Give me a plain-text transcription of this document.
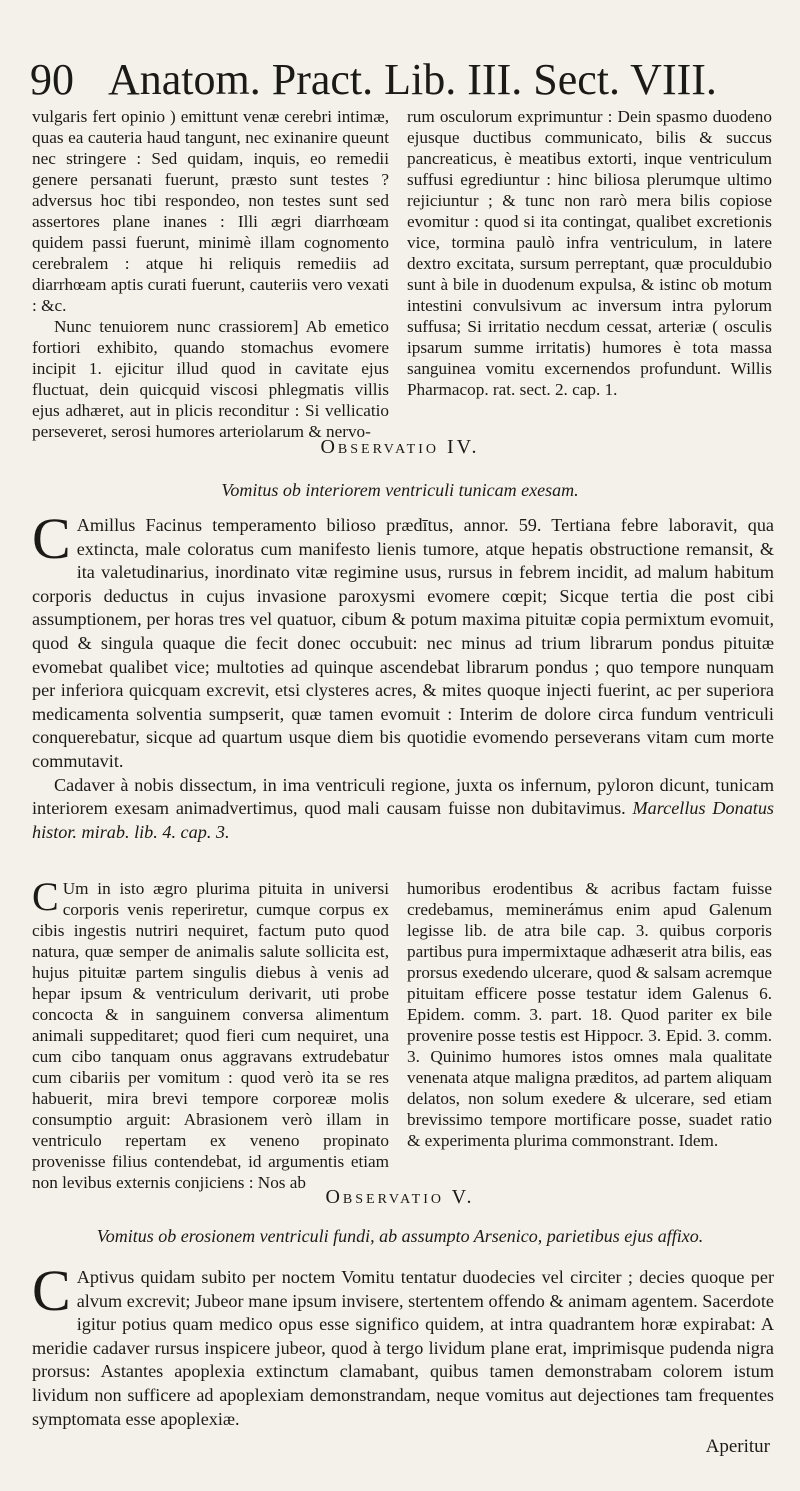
90 Anatom. Pract. Lib. III. Sect. VIII.

vulgaris fert opinio ) emittunt venæ cerebri intimæ, quas ea cauteria haud tangunt, nec exinanire queunt nec stringere : Sed quidam, inquis, eo remedii genere persanati fuerunt, præsto sunt testes ? adversus hoc tibi respondeo, non testes sunt sed assertores plane inanes : Illi ægri diarrhœam quidem passi fuerunt, minimè illam cognomento cerebralem : atque hi reliquis remediis ad diarrhœam aptis curati fuerunt, cauteriis vero vexati : &c.

Nunc tenuiorem nunc crassiorem] Ab emetico fortiori exhibito, quando stomachus evomere incipit 1. ejicitur illud quod in cavitate ejus fluctuat, dein quicquid viscosi phlegmatis villis ejus adhæret, aut in plicis reconditur : Si vellicatio perseveret, serosi humores arteriolarum & nervo-

rum osculorum exprimuntur : Dein spasmo duodeno ejusque ductibus communicato, bilis & succus pancreaticus, è meatibus extorti, inque ventriculum suffusi egrediuntur : hinc biliosa plerumque ultimo rejiciuntur ; & tunc non rarò mera bilis copiose evomitur : quod si ita contingat, qualibet excretionis vice, tormina paulò infra ventriculum, in latere dextro excitata, sursum perreptant, quæ proculdubio sunt à bile in duodenum expulsa, & istinc ob motum intestini convulsivum ac inversum intra pylorum suffusa; Si irritatio necdum cessat, arteriæ ( osculis ipsarum summe irritatis) humores è tota massa sanguinea vomitu excernendos profundunt. Willis Pharmacop. rat. sect. 2. cap. 1.

Observatio IV.
Vomitus ob interiorem ventriculi tunicam exesam.

C Amillus Facinus temperamento bilioso prædītus, annor. 59. Tertiana febre laboravit, qua extincta, male coloratus cum manifesto lienis tumore, atque hepatis obstructione remansit, & ita valetudinarius, inordinato vitæ regimine usus, rursus in febrem incidit, ad malum habitum corporis deductus in cujus invasione paroxysmi evomere cœpit; Sicque tertia die post cibi assumptionem, per horas tres vel quatuor, cibum & potum maxima pituitæ copia permixtum evomuit, quod & singula quaque die fecit donec occubuit: nec minus ad trium librarum pondus pituitæ evomebat qualibet vice; multoties ad quinque ascendebat librarum pondus ; quo tempore nunquam per inferiora quicquam excrevit, etsi clysteres acres, & mites quoque injecti fuerint, ac per superiora medicamenta solventia sumpserit, quæ tamen evomuit : Interim de dolore circa fundum ventriculi conquerebatur, sicque ad quartum usque diem bis quotidie evomendo perseverans vitam cum morte commutavit.

Cadaver à nobis dissectum, in ima ventriculi regione, juxta os infernum, pyloron dicunt, tunicam interiorem exesam animadvertimus, quod mali causam fuisse non dubitavimus. Marcellus Donatus histor. mirab. lib. 4. cap. 3.

C Um in isto ægro plurima pituita in universi corporis venis reperiretur, cumque corpus ex cibis ingestis nutriri nequiret, factum puto quod natura, quæ semper de animalis salute sollicita est, hujus pituitæ partem singulis diebus à venis ad hepar ipsum & ventriculum derivarit, uti probe concocta & in sanguinem conversa alimentum animali suppeditaret; quod fieri cum nequiret, una cum cibo tanquam onus aggravans extrudebatur cum cibariis per vomitum : quod verò ita se res habuerit, mira brevi tempore corporeæ molis consumptio arguit: Abrasionem verò illam in ventriculo repertam ex veneno propinato provenisse filius contendebat, id argumentis etiam non levibus externis conjiciens : Nos ab

humoribus erodentibus & acribus factam fuisse credebamus, meminerámus enim apud Galenum legisse lib. de atra bile cap. 3. quibus corporis partibus pura impermixtaque adhæserit atra bilis, eas prorsus exedendo ulcerare, quod & salsam acremque pituitam efficere posse testatur idem Galenus 6. Epidem. comm. 3. part. 18. Quod pariter ex bile provenire posse testis est Hippocr. 3. Epid. 3. comm. 3. Quinimo humores istos omnes mala qualitate venenata atque maligna præditos, ad partem aliquam delatos, non solum exedere & ulcerare, sed etiam brevissimo tempore mortificare posse, suadet ratio & experimenta plurima commonstrant. Idem.

Observatio V.
Vomitus ob erosionem ventriculi fundi, ab assumpto Arsenico, parietibus ejus affixo.

C Aptivus quidam subito per noctem Vomitu tentatur duodecies vel circiter ; decies quoque per alvum excrevit; Jubeor mane ipsum invisere, stertentem offendo & animam agentem. Sacerdote igitur potius quam medico opus esse significo quidem, at intra quadrantem horæ expirabat: A meridie cadaver rursus inspicere jubeor, quod à tergo lividum plane erat, imprimisque pudenda nigra prorsus: Astantes apoplexia extinctum clamabant, quibus tamen demonstrabam colorem istum lividum non sufficere ad apoplexiam demonstrandam, neque vomitus aut dejectiones tam frequentes symptomata esse apoplexiæ.

Aperitur
